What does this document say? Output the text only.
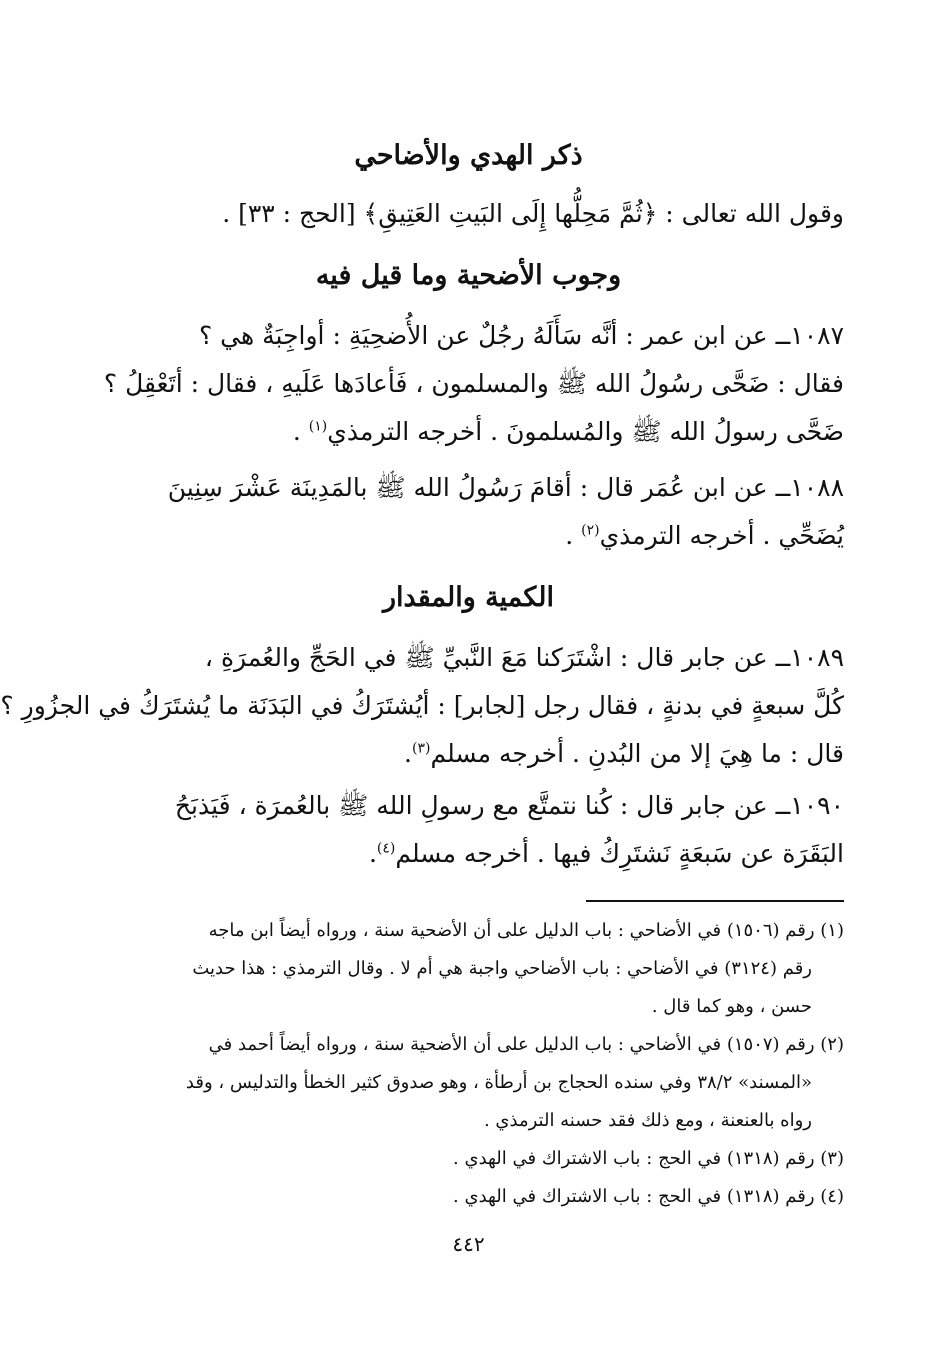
ذكر الهدي والأضاحي

وقول الله تعالى : ﴿ثُمَّ مَحِلُّها إِلَى البَيتِ العَتِيقِ﴾ [الحج : ٣٣] .

وجوب الأضحية وما قيل فيه

١٠٨٧ــ عن ابن عمر : أنَّه سَأَلَهُ رجُلٌ عن الأُضحِيَةِ : أواجِبَةٌ هي ؟
فقال : ضَحَّى رسُولُ الله ﷺ والمسلمون ، فَأعادَها عَلَيهِ ، فقال : أتَعْقِلُ ؟
ضَحَّى رسولُ الله ﷺ والمُسلمونَ . أخرجه الترمذي$^{(١)}$ .

١٠٨٨ــ عن ابن عُمَر قال : أقامَ رَسُولُ الله ﷺ بالمَدِينَة عَشْرَ سِنِينَ
يُضَحِّي . أخرجه الترمذي$^{(٢)}$ .

الكمية والمقدار

١٠٨٩ــ عن جابر قال : اشْتَرَكنا مَعَ النَّبيِّ ﷺ في الحَجِّ والعُمرَةِ ،
كُلَّ سبعةٍ في بدنةٍ ، فقال رجل [لجابر] : أيُشتَرَكُ في البَدَنَة ما يُشتَرَكُ في الجزُورِ ؟
قال : ما هِيَ إلا من البُدنِ . أخرجه مسلم$^{(٣)}$.

١٠٩٠ــ عن جابر قال : كُنا نتمتَّع مع رسولِ الله ﷺ بالعُمرَة ، فَيَذبَحُ
البَقَرَة عن سَبعَةٍ نَشتَرِكُ فيها . أخرجه مسلم$^{(٤)}$.

(١) رقم (١٥٠٦) في الأضاحي : باب الدليل على أن الأضحية سنة ، ورواه أيضاً ابن ماجه
رقم (٣١٢٤) في الأضاحي : باب الأضاحي واجبة هي أم لا . وقال الترمذي : هذا حديث
حسن ، وهو كما قال .
(٢) رقم (١٥٠٧) في الأضاحي : باب الدليل على أن الأضحية سنة ، ورواه أيضاً أحمد في
«المسند» ٣٨/٢ وفي سنده الحجاج بن أرطأة ، وهو صدوق كثير الخطأ والتدليس ، وقد
رواه بالعنعنة ، ومع ذلك فقد حسنه الترمذي .
(٣) رقم (١٣١٨) في الحج : باب الاشتراك في الهدي .
(٤) رقم (١٣١٨) في الحج : باب الاشتراك في الهدي .
٤٤٢
